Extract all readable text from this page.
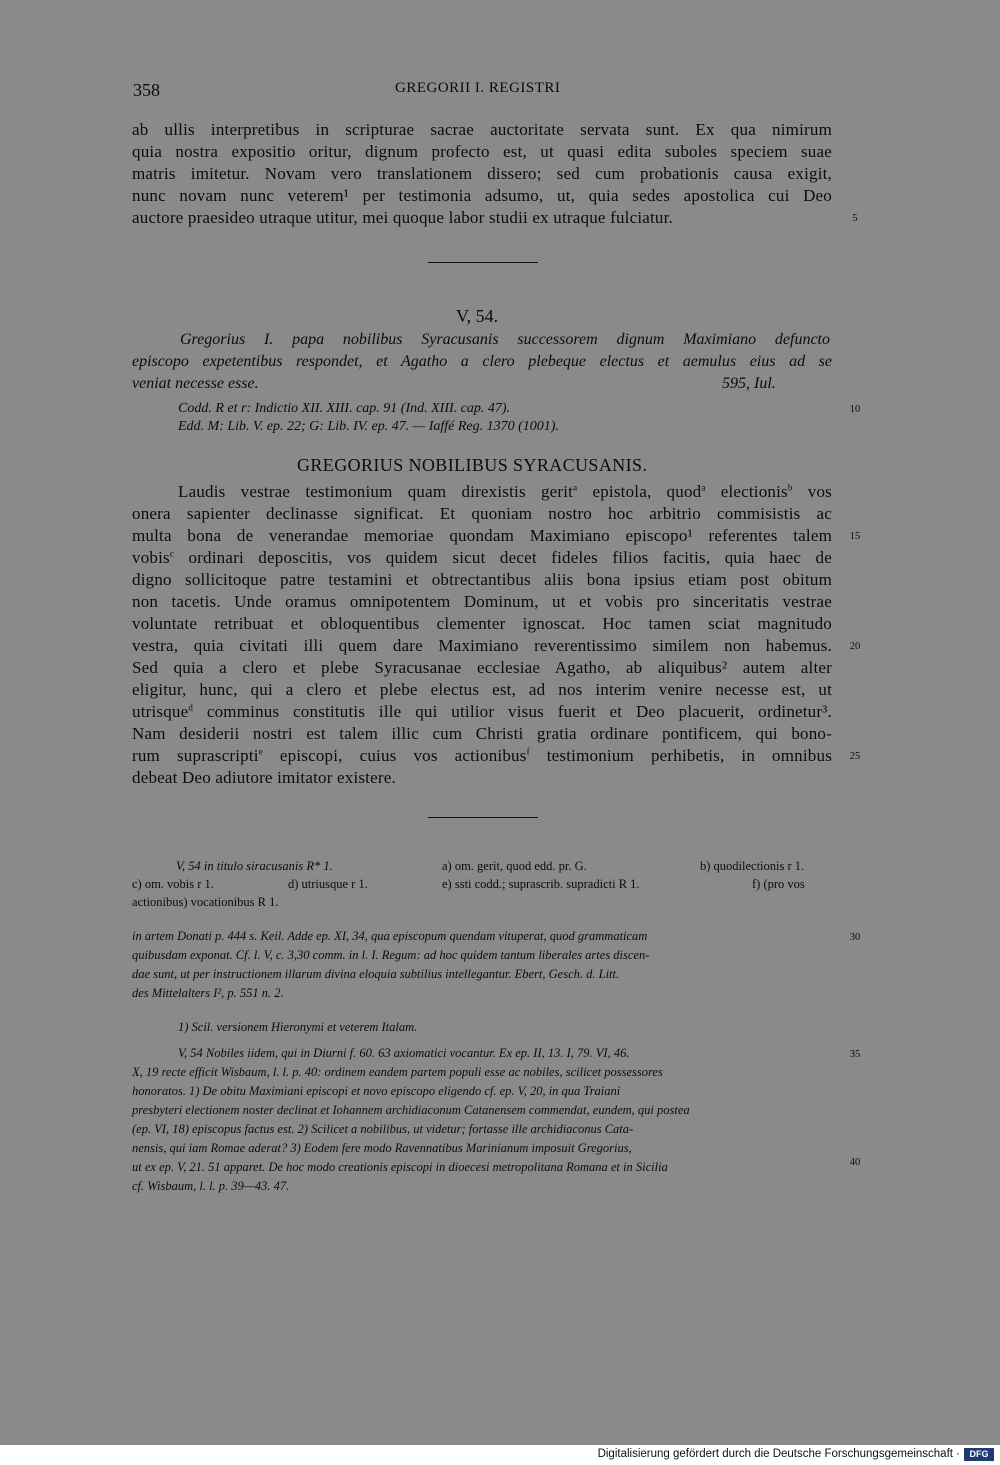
358	GREGORII I. REGISTRI
ab ullis interpretibus in scripturae sacrae auctoritate servata sunt. Ex qua nimirum
quia nostra expositio oritur, dignum profecto est, ut quasi edita suboles speciem suae
matris imitetur. Novam vero translationem dissero; sed cum probationis causa exigit,
nunc novam nunc veterem¹ per testimonia adsumo, ut, quia sedes apostolica cui Deo
auctore praesideo utraque utitur, mei quoque labor studii ex utraque fulciatur.	5
V, 54.
Gregorius I. papa nobilibus Syracusanis successorem dignum Maximiano defuncto
episcopo expetentibus respondet, et Agatho a clero plebeque electus et aemulus eius ad se
veniat necesse esse.	595, Iul.
Codd. R et r: Indictio XII. XIII. cap. 91 (Ind. XIII. cap. 47).	10
Edd. M: Lib. V. ep. 22; G: Lib. IV. ep. 47. — Iaffé Reg. 1370 (1001).
GREGORIUS NOBILIBUS SYRACUSANIS.
Laudis vestrae testimonium quam direxistis gerit$^a$ epistola, quod$^a$ electionis$^b$ vos
onera sapienter declinasse significat. Et quoniam nostro hoc arbitrio commisistis ac
multa bona de venerandae memoriae quondam Maximiano episcopo¹ referentes talem	15
vobis$^c$ ordinari deposcitis, vos quidem sicut decet fideles filios facitis, quia haec de
digno sollicitoque patre testamini et obtrectantibus aliis bona ipsius etiam post obitum
non tacetis. Unde oramus omnipotentem Dominum, ut et vobis pro sinceritatis vestrae
voluntate retribuat et obloquentibus clementer ignoscat. Hoc tamen sciat magnitudo
vestra, quia civitati illi quem dare Maximiano reverentissimo similem non habemus.	20
Sed quia a clero et plebe Syracusanae ecclesiae Agatho, ab aliquibus² autem alter
eligitur, hunc, qui a clero et plebe electus est, ad nos interim venire necesse est, ut
utrisque$^d$ comminus constitutis ille qui utilior visus fuerit et Deo placuerit, ordinetur³.
Nam desiderii nostri est talem illic cum Christi gratia ordinare pontificem, qui bono-
rum suprascripti$^e$ episcopi, cuius vos actionibus$^f$ testimonium perhibetis, in omnibus	25
debeat Deo adiutore imitator existere.
V, 54 in titulo siracusanis R* 1.	a) om. gerit, quod edd. pr. G.	b) quodilectionis r 1.
c) om. vobis r 1.	d) utriusque r 1.	e) ssti codd.; suprascrib. supradicti R 1.	f) (pro vos
actionibus) vocationibus R 1.
in artem Donati p. 444 s. Keil. Adde ep. XI, 34, qua episcopum quendam vituperat, quod grammaticam	30
quibusdam exponat. Cf. l. V, c. 3,30 comm. in l. I. Regum: ad hoc quidem tantum liberales artes discen-
dae sunt, ut per instructionem illarum divina eloquia subtilius intellegantur. Ebert, Gesch. d. Litt.
des Mittelalters I², p. 551 n. 2.
1) Scil. versionem Hieronymi et veterem Italam.
V, 54 Nobiles iidem, qui in Diurni f. 60. 63 axiomatici vocantur. Ex ep. II, 13. I, 79. VI, 46.	35
X, 19 recte efficit Wisbaum, l. l. p. 40: ordinem eandem partem populi esse ac nobiles, scilicet possessores
honoratos. 1) De obitu Maximiani episcopi et novo episcopo eligendo cf. ep. V, 20, in qua Traiani
presbyteri electionem noster declinat et Iohannem archidiaconum Catanensem commendat, eundem, qui postea
(ep. VI, 18) episcopus factus est. 2) Scilicet a nobilibus, ut videtur; fortasse ille archidiaconus Cata-
nensis, qui iam Romae aderat? 3) Eodem fere modo Ravennatibus Marinianum imposuit Gregorius,
40
ut ex ep. V, 21. 51 apparet. De hoc modo creationis episcopi in dioecesi metropolitana Romana et in Sicilia
cf. Wisbaum, l. l. p. 39—43. 47.
Digitalisierung gefördert durch die Deutsche Forschungsgemeinschaft ·	DFG
